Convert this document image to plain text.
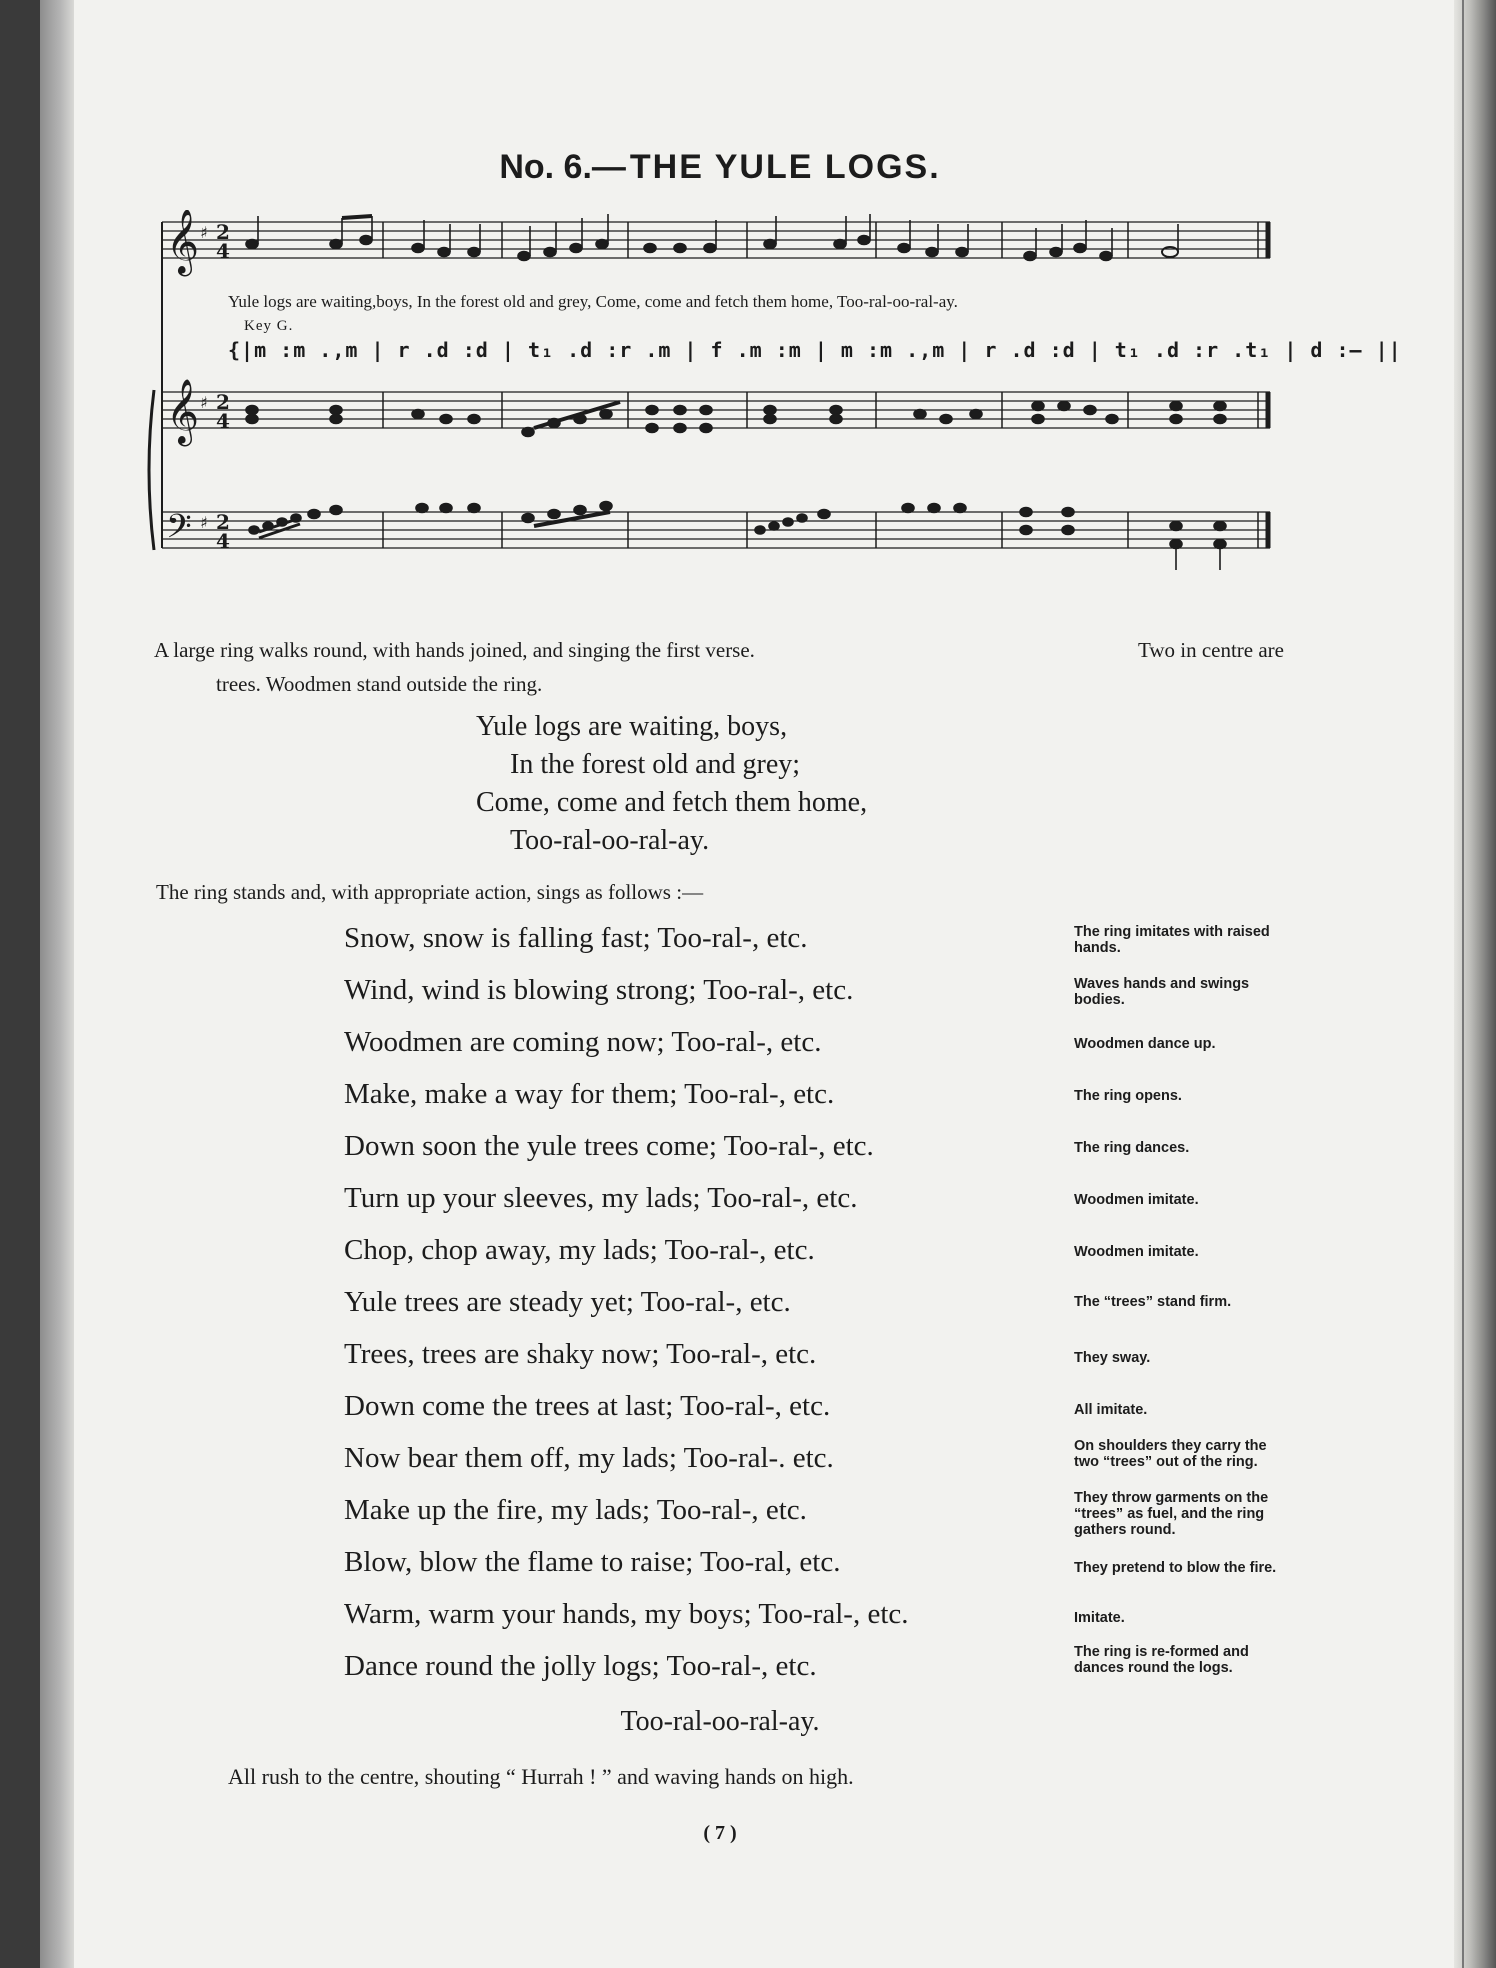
No. 6.— THE YULE LOGS.
𝄞
𝄞
𝄢
♯
♯
♯
2
4
2
4
2
4
Yule logs are waiting,boys, In the forest old and grey, Come, come and fetch them home, Too-ral-oo-ral-ay.
Key G.
{|m :m .,m | r .d :d | t₁ .d :r .m | f .m :m | m :m .,m | r .d :d | t₁ .d :r .t₁ | d :— ||
A large ring walks round, with hands joined, and singing the first verse.	Two in centre are
trees. Woodmen stand outside the ring.
Yule logs are waiting, boys,
In the forest old and grey;
Come, come and fetch them home,
Too-ral-oo-ral-ay.
The ring stands and, with appropriate action, sings as follows :—
Snow, snow is falling fast; Too-ral-, etc.	The ring imitates with raised hands.
Wind, wind is blowing strong; Too-ral-, etc.	Waves hands and swings bodies.
Woodmen are coming now; Too-ral-, etc.	Woodmen dance up.
Make, make a way for them; Too-ral-, etc.	The ring opens.
Down soon the yule trees come; Too-ral-, etc.	The ring dances.
Turn up your sleeves, my lads; Too-ral-, etc.	Woodmen imitate.
Chop, chop away, my lads; Too-ral-, etc.	Woodmen imitate.
Yule trees are steady yet; Too-ral-, etc.	The “trees” stand firm.
Trees, trees are shaky now; Too-ral-, etc.	They sway.
Down come the trees at last; Too-ral-, etc.	All imitate.
Now bear them off, my lads; Too-ral-. etc.	On shoulders they carry the two “trees” out of the ring.
Make up the fire, my lads; Too-ral-, etc.	They throw garments on the “trees” as fuel, and the ring gathers round.
Blow, blow the flame to raise; Too-ral, etc.	They pretend to blow the fire.
Warm, warm your hands, my boys; Too-ral-, etc.	Imitate.
Dance round the jolly logs; Too-ral-, etc.	The ring is re-formed and dances round the logs.
Too-ral-oo-ral-ay.
All rush to the centre, shouting “ Hurrah ! ” and waving hands on high.
( 7 )
